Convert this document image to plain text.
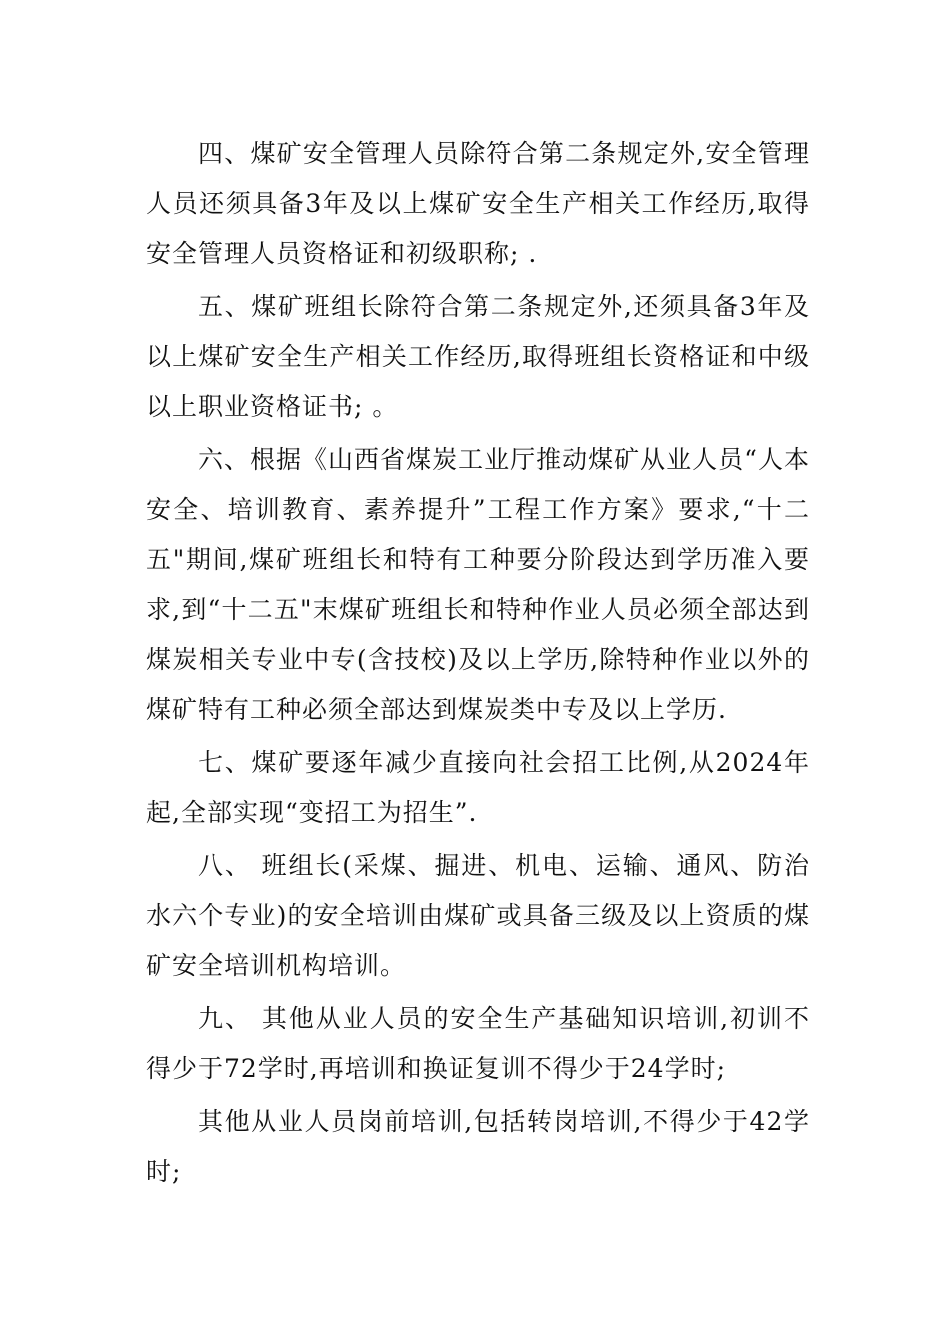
四、煤矿安全管理人员除符合第二条规定外,安全管理人员还须具备3年及以上煤矿安全生产相关工作经历,取得安全管理人员资格证和初级职称; .

五、煤矿班组长除符合第二条规定外,还须具备3年及以上煤矿安全生产相关工作经历,取得班组长资格证和中级以上职业资格证书; 。

六、根据《山西省煤炭工业厅推动煤矿从业人员“人本安全、培训教育、素养提升”工程工作方案》要求,“十二五"期间,煤矿班组长和特有工种要分阶段达到学历准入要求,到“十二五"末煤矿班组长和特种作业人员必须全部达到煤炭相关专业中专(含技校)及以上学历,除特种作业以外的煤矿特有工种必须全部达到煤炭类中专及以上学历.

七、煤矿要逐年减少直接向社会招工比例,从2024年起,全部实现“变招工为招生”.

八、 班组长(采煤、掘进、机电、运输、通风、防治水六个专业)的安全培训由煤矿或具备三级及以上资质的煤矿安全培训机构培训。

九、 其他从业人员的安全生产基础知识培训,初训不得少于72学时,再培训和换证复训不得少于24学时;

其他从业人员岗前培训,包括转岗培训,不得少于42学时;
